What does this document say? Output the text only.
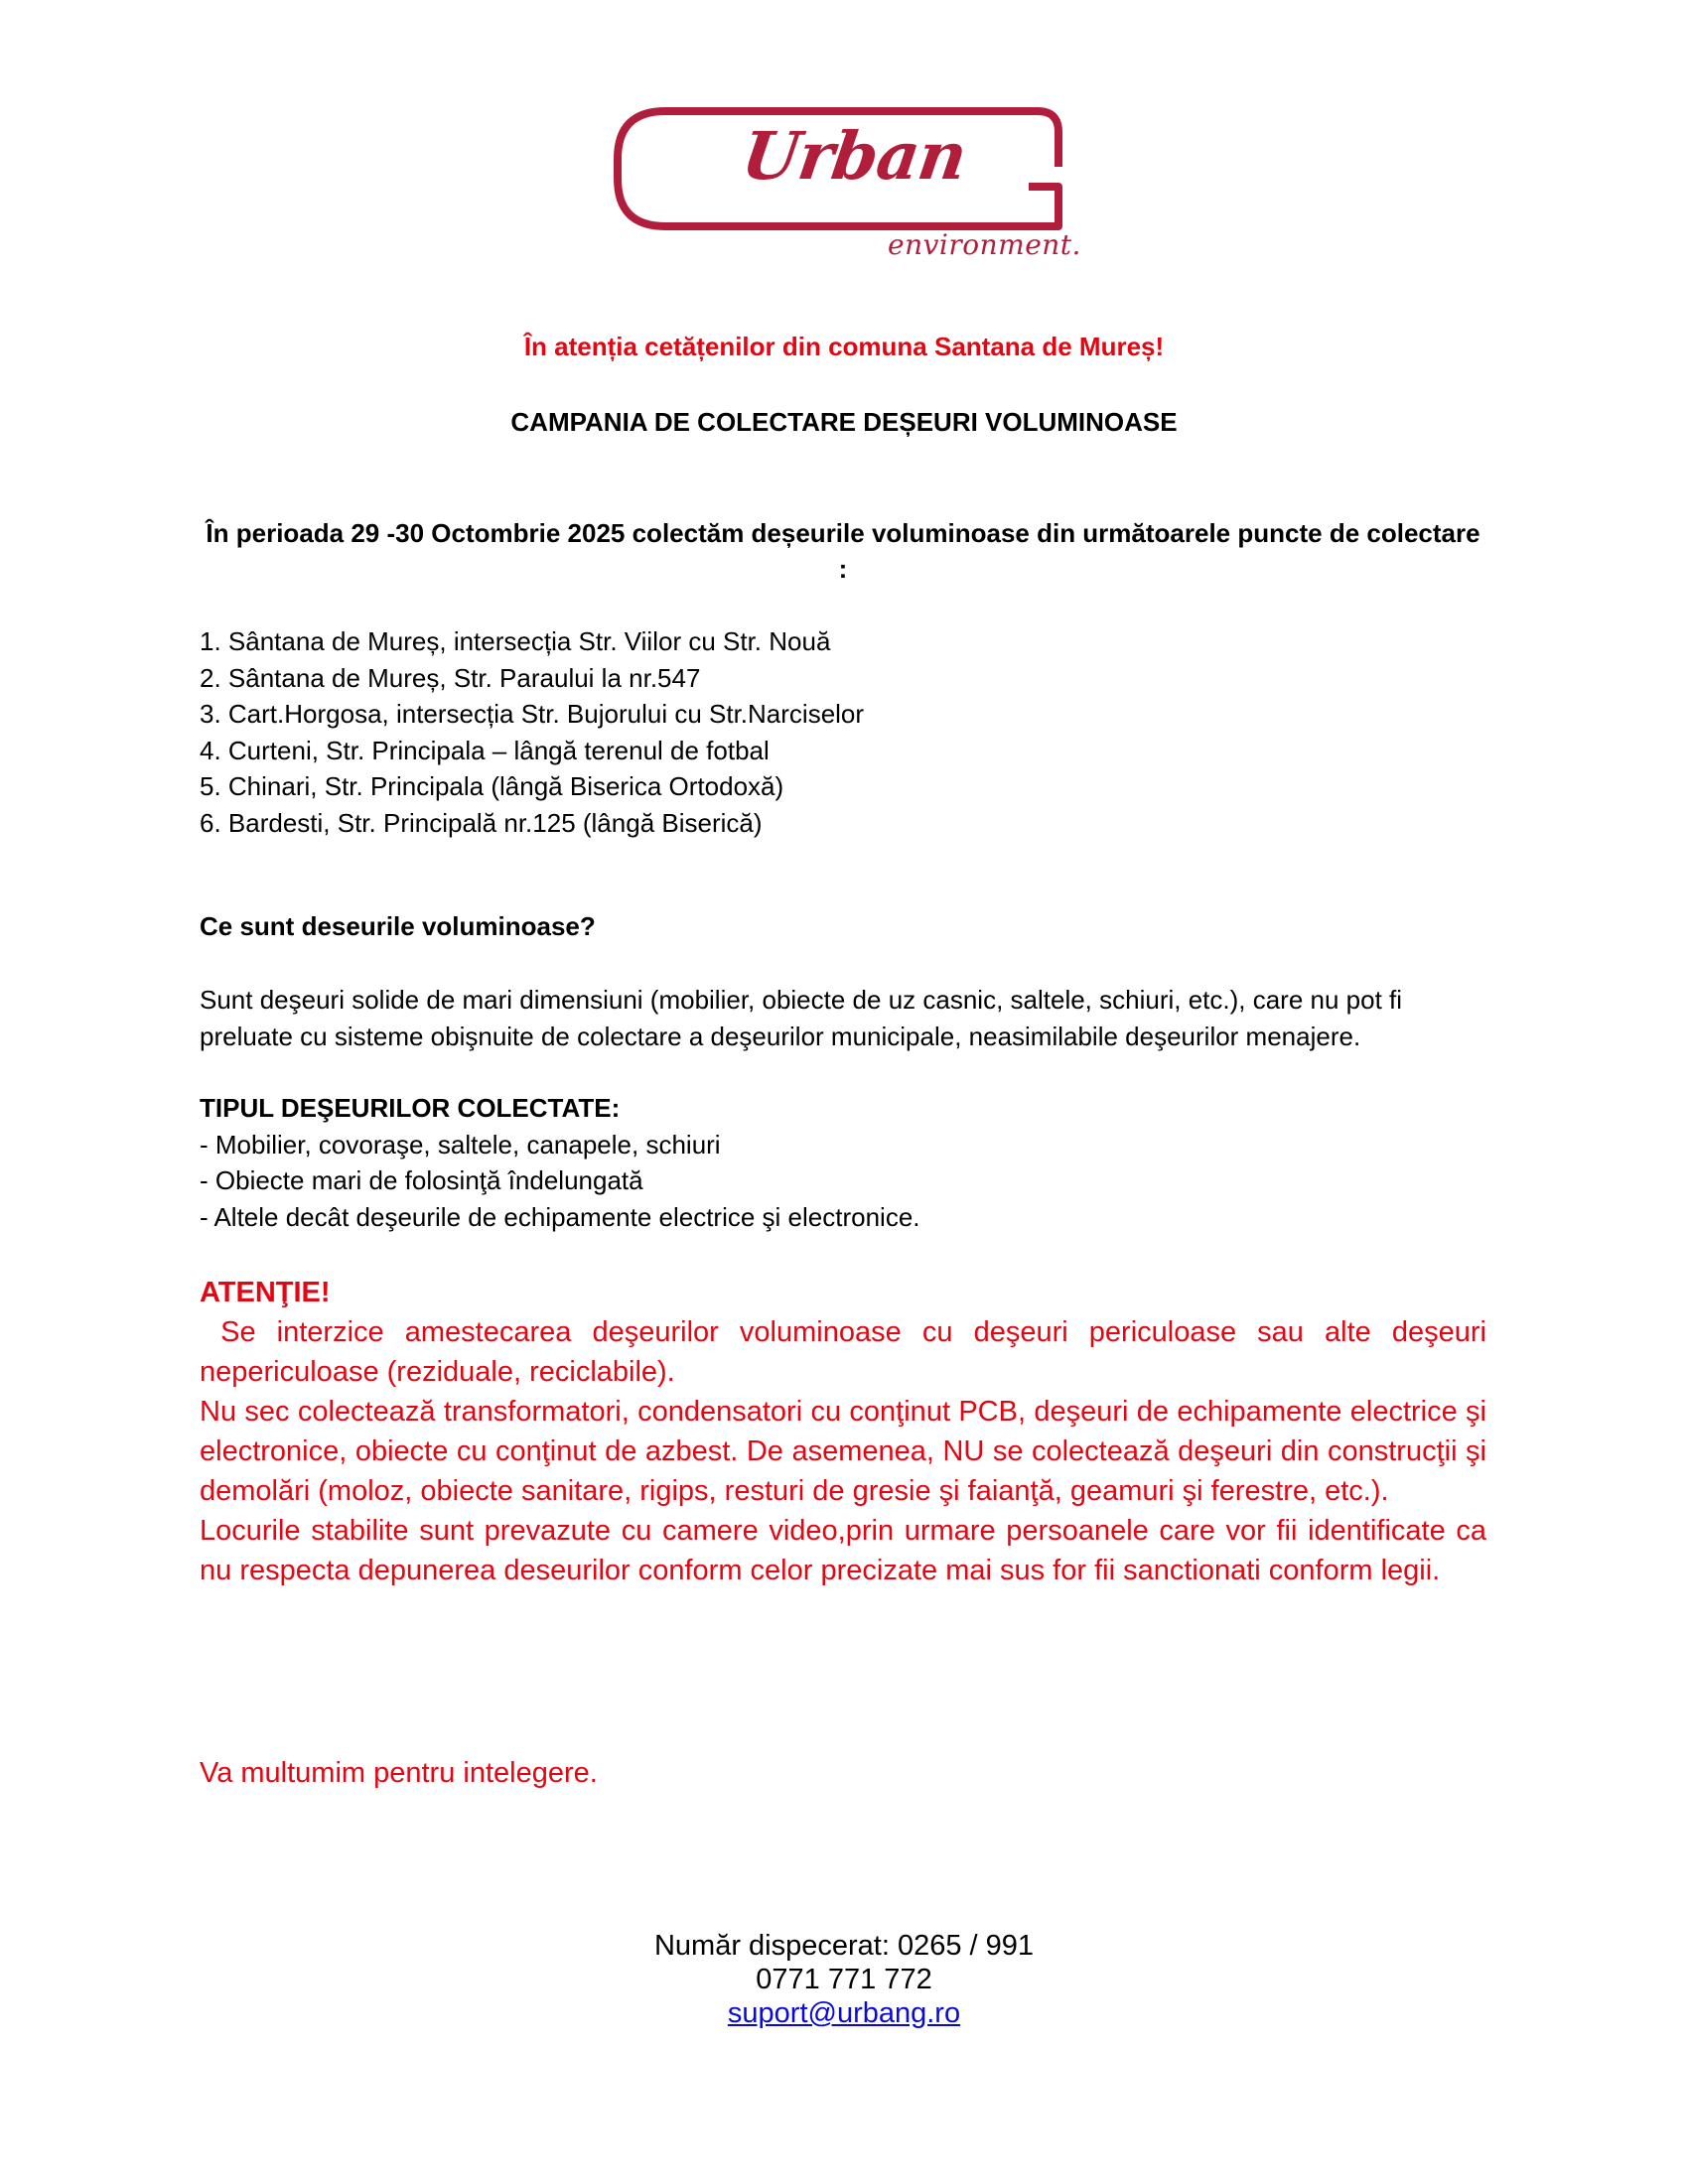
Urban
environment.
În atenția cetățenilor din comuna Santana de Mureș!
CAMPANIA DE COLECTARE DEȘEURI VOLUMINOASE
În perioada 29 -30 Octombrie 2025 colectăm deșeurile voluminoase din următoarele puncte de colectare :
1. Sântana de Mureș, intersecția Str. Viilor cu Str. Nouă
2. Sântana de Mureș, Str. Paraului la nr.547
3. Cart.Horgosa, intersecția Str. Bujorului cu Str.Narciselor
4. Curteni, Str. Principala – lângă terenul de fotbal
5. Chinari, Str. Principala (lângă Biserica Ortodoxă)
6. Bardesti, Str. Principală nr.125 (lângă Biserică)
Ce sunt deseurile voluminoase?
Sunt deşeuri solide de mari dimensiuni (mobilier, obiecte de uz casnic, saltele, schiuri, etc.), care nu pot fi preluate cu sisteme obişnuite de colectare a deşeurilor municipale, neasimilabile deşeurilor menajere.
TIPUL DEŞEURILOR COLECTATE:
- Mobilier, covoraşe, saltele, canapele, schiuri
- Obiecte mari de folosinţă îndelungată
- Altele decât deşeurile de echipamente electrice şi electronice.
ATENŢIE!
Se interzice amestecarea deşeurilor voluminoase cu deşeuri periculoase sau alte deşeuri nepericuloase (reziduale, reciclabile).
Nu sec colectează transformatori, condensatori cu conţinut PCB, deşeuri de echipamente electrice şi electronice, obiecte cu conţinut de azbest. De asemenea, NU se colectează deşeuri din construcţii şi demolări (moloz, obiecte sanitare, rigips, resturi de gresie şi faianţă, geamuri şi ferestre, etc.).
Locurile stabilite sunt prevazute cu camere video,prin urmare persoanele care vor fii identificate ca nu respecta depunerea deseurilor conform celor precizate mai sus for fii sanctionati conform legii.
Va multumim pentru intelegere.
Număr dispecerat: 0265 / 991
0771 771 772
suport@urbang.ro
